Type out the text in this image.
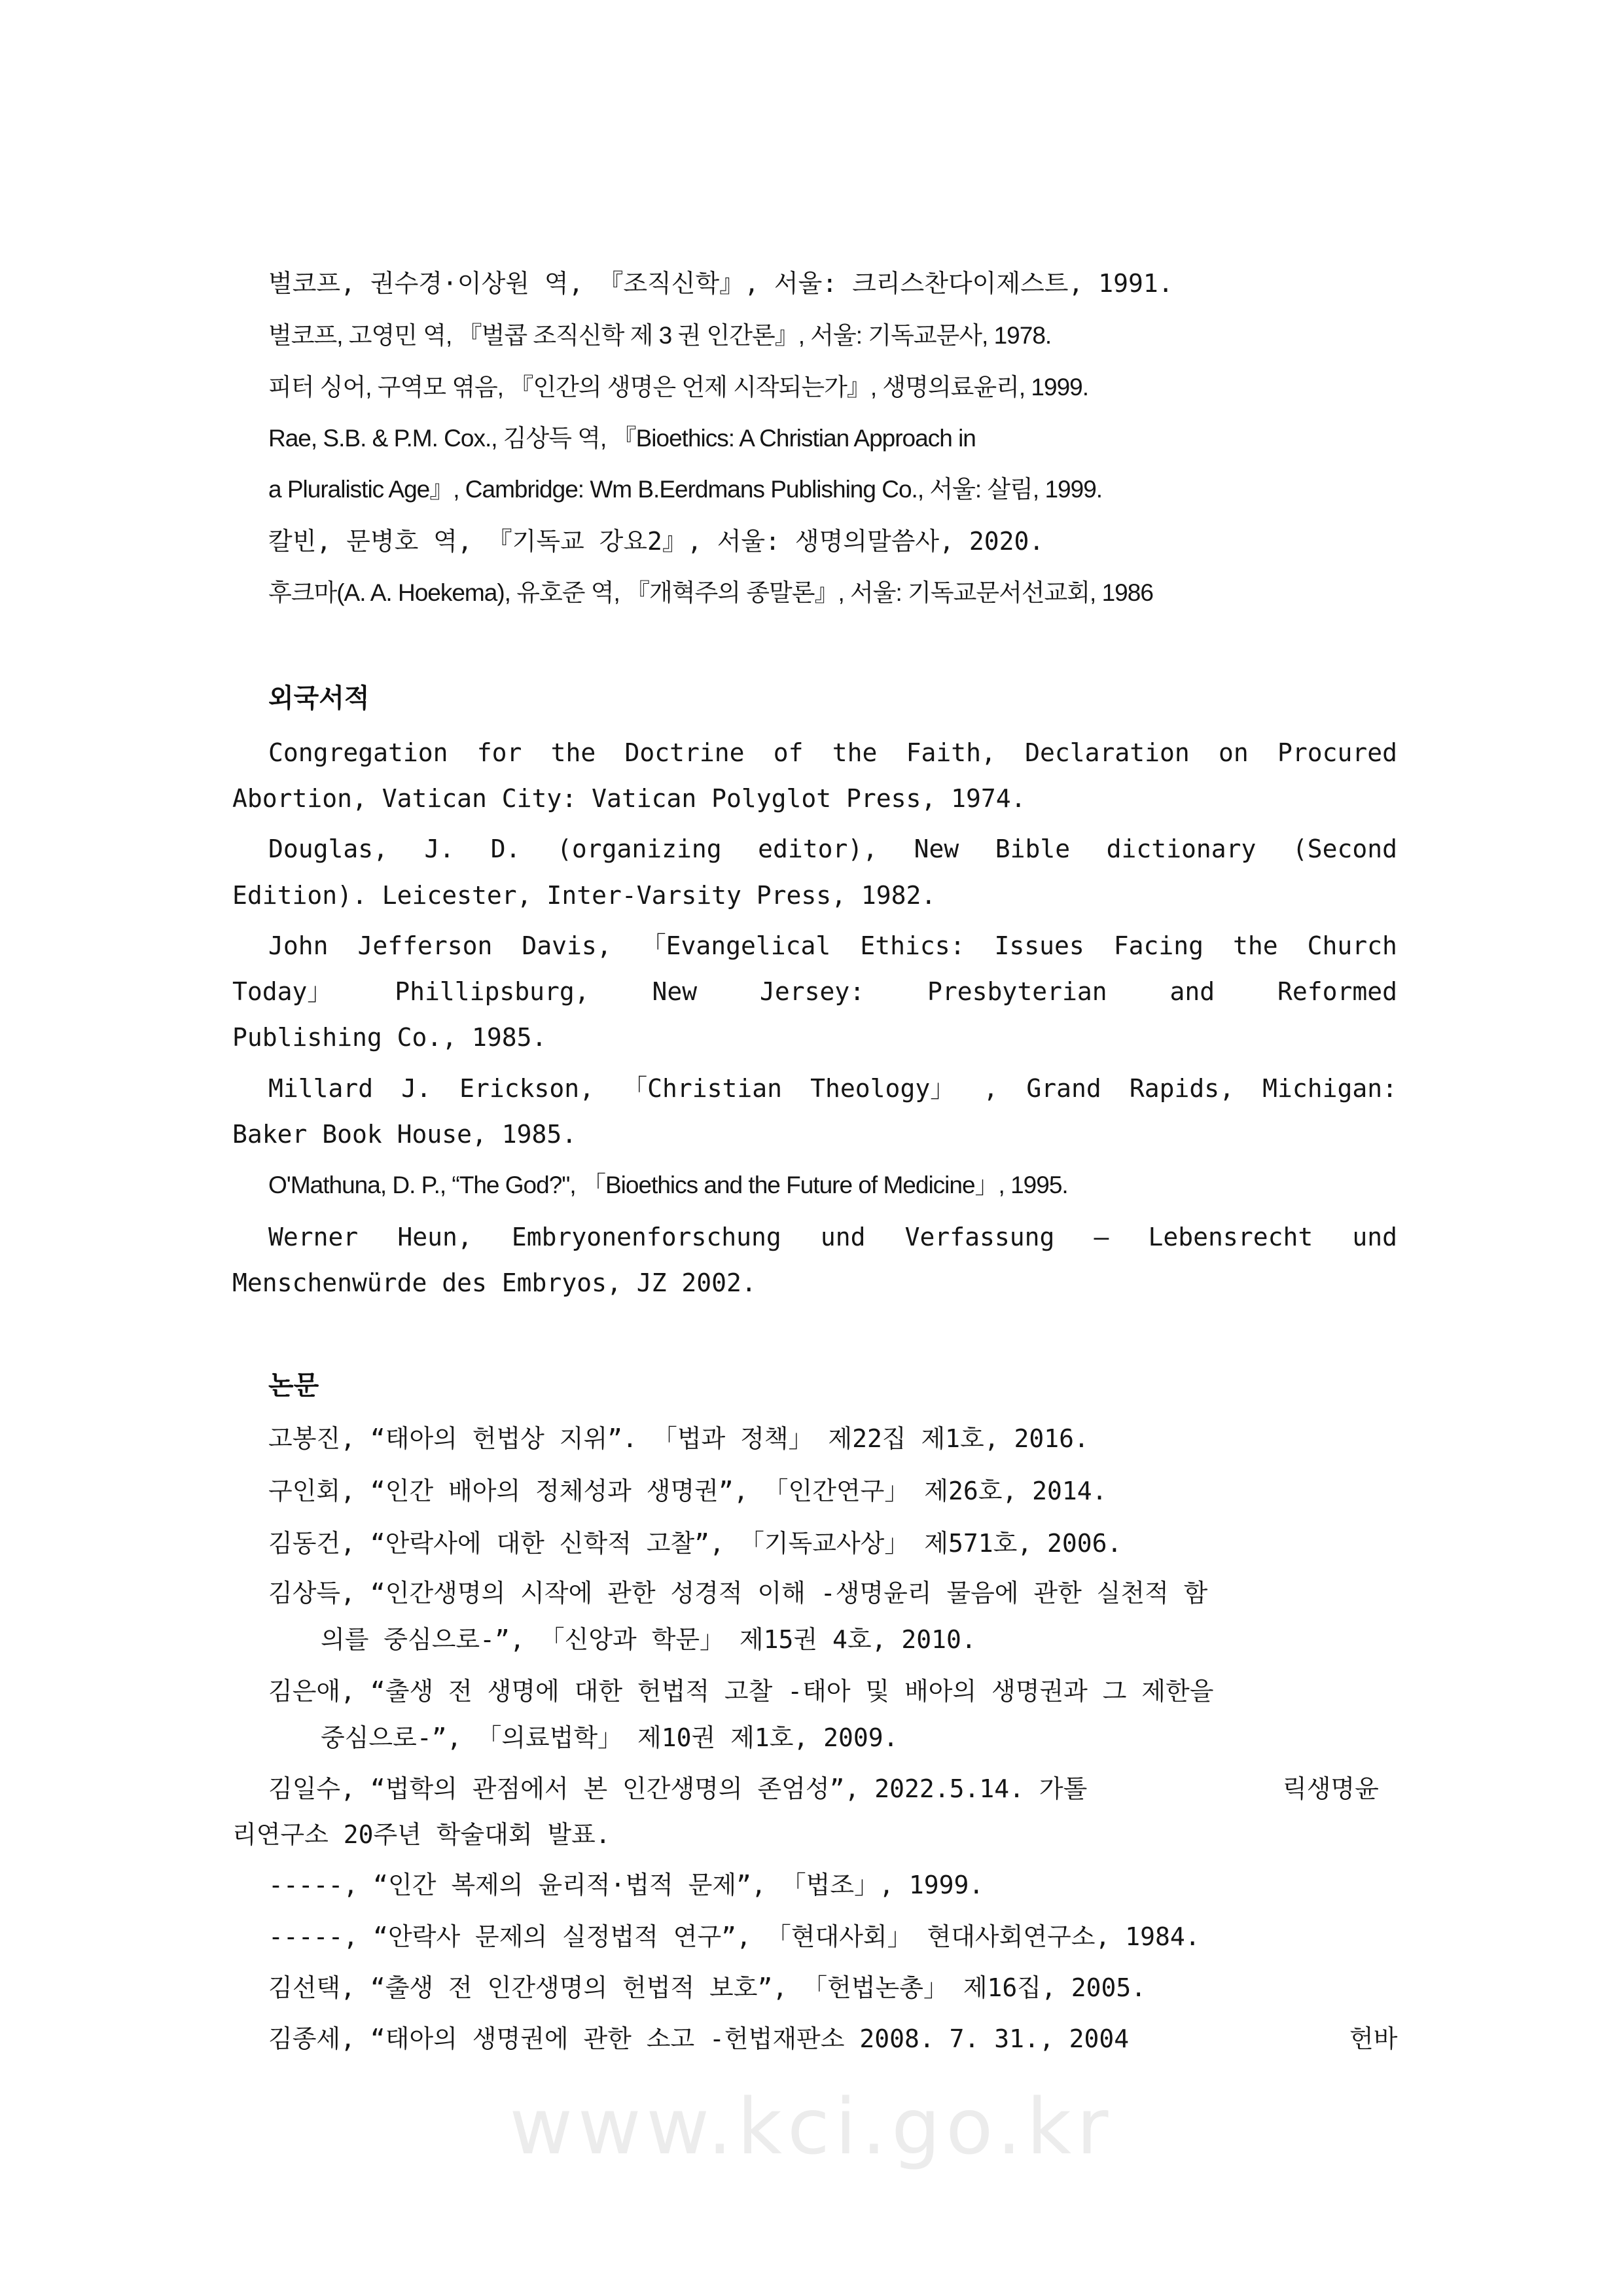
벌코프, 권수경·이상원 역, 『조직신학』, 서울: 크리스찬다이제스트, 1991.
벌코프, 고영민 역, 『벌콥 조직신학 제 3 권 인간론』, 서울: 기독교문사, 1978.
피터 싱어, 구역모 엮음, 『인간의 생명은 언제 시작되는가』, 생명의료윤리, 1999.
Rae, S.B. & P.M. Cox., 김상득 역, 『Bioethics: A Christian Approach in
a Pluralistic Age』, Cambridge: Wm B.Eerdmans Publishing Co., 서울: 살림, 1999.
칼빈, 문병호 역, 『기독교 강요2』, 서울: 생명의말씀사, 2020.
후크마(A. A. Hoekema), 유호준 역, 『개혁주의 종말론』, 서울: 기독교문서선교회, 1986
외국서적
Congregation for the Doctrine of the Faith, Declaration on Procured
Abortion, Vatican City: Vatican Polyglot Press, 1974.
Douglas, J. D. (organizing editor), New Bible dictionary (Second
Edition). Leicester, Inter-Varsity Press, 1982.
John Jefferson Davis, 「Evangelical Ethics: Issues Facing the Church
Today」	Phillipsburg,	New	Jersey:	Presbyterian	and	Reformed
Publishing Co., 1985.
Millard J. Erickson, 「Christian Theology」 , Grand Rapids, Michigan:
Baker Book House, 1985.
O'Mathuna, D. P., “The God?", 「Bioethics and the Future of Medicine」, 1995.
Werner Heun, Embryonenforschung und Verfassung – Lebensrecht und
Menschenwürde des Embryos, JZ 2002.
논문
고봉진, “태아의 헌법상 지위”. 「법과 정책」 제22집 제1호, 2016.
구인회, “인간 배아의 정체성과 생명권”, 「인간연구」 제26호, 2014.
김동건, “안락사에 대한 신학적 고찰”, 「기독교사상」 제571호, 2006.
김상득, “인간생명의 시작에 관한 성경적 이해 -생명윤리 물음에 관한 실천적 함
의를 중심으로-”, 「신앙과 학문」 제15권 4호, 2010.
김은애, “출생 전 생명에 대한 헌법적 고찰 -태아 및 배아의 생명권과 그 제한을
중심으로-”, 「의료법학」 제10권 제1호, 2009.
김일수, “법학의 관점에서 본 인간생명의 존엄성”, 2022.5.14. 가톨	릭생명윤
리연구소 20주년 학술대회 발표.
-----, “인간 복제의 윤리적·법적 문제”, 「법조」, 1999.
-----, “안락사 문제의 실정법적 연구”, 「현대사회」 현대사회연구소, 1984.
김선택, “출생 전 인간생명의 헌법적 보호”, 「헌법논총」 제16집, 2005.
김종세, “태아의 생명권에 관한 소고 -헌법재판소 2008. 7. 31., 2004	헌바
www.kci.go.kr
